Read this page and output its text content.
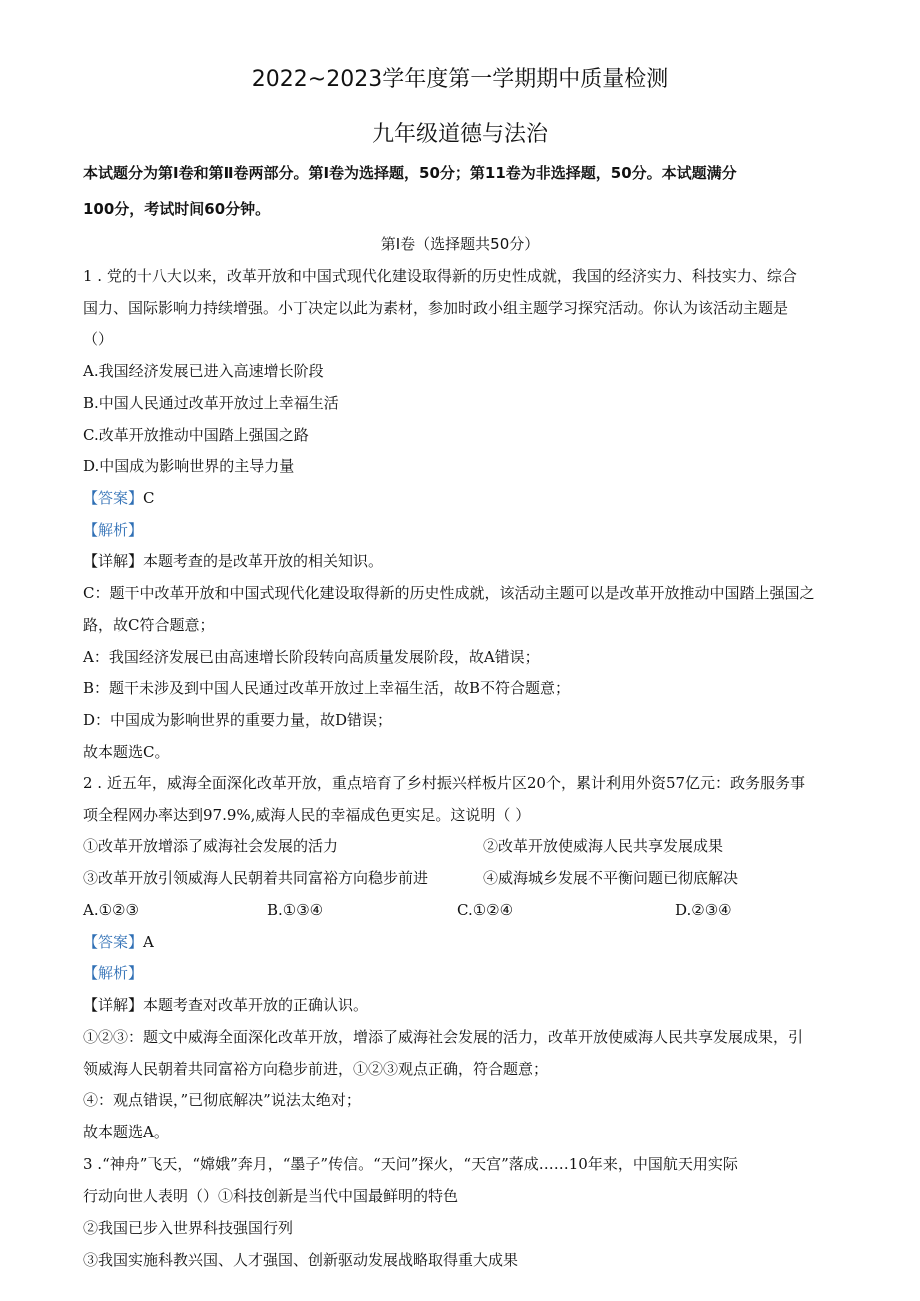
2022~2023学年度第一学期期中质量检测
九年级道德与法治
本试题分为第Ⅰ卷和第Ⅱ卷两部分。第Ⅰ卷为选择题，50分；第11卷为非选择题，50分。本试题满分
100分，考试时间60分钟。
第Ⅰ卷（选择题共50分）
1 . 党的十八大以来，改革开放和中国式现代化建设取得新的历史性成就，我国的经济实力、科技实力、综合
国力、国际影响力持续增强。小丁决定以此为素材，参加时政小组主题学习探究活动。你认为该活动主题是
（）
A.我国经济发展已进入高速增长阶段
B.中国人民通过改革开放过上幸福生活
C.改革开放推动中国踏上强国之路
D.中国成为影响世界的主导力量
【答案】C
【解析】
【详解】本题考查的是改革开放的相关知识。
C：题干中改革开放和中国式现代化建设取得新的历史性成就，该活动主题可以是改革开放推动中国踏上强国之
路，故C符合题意；
A：我国经济发展已由高速增长阶段转向高质量发展阶段，故A错误；
B：题干未涉及到中国人民通过改革开放过上幸福生活，故B不符合题意；
D：中国成为影响世界的重要力量，故D错误；
故本题选C。
2 . 近五年，威海全面深化改革开放，重点培育了乡村振兴样板片区20个，累计利用外资57亿元：政务服务事
项全程网办率达到97.9%,威海人民的幸福成色更实足。这说明（ ）
①改革开放增添了威海社会发展的活力	②改革开放使威海人民共享发展成果
③改革开放引领威海人民朝着共同富裕方向稳步前进	④威海城乡发展不平衡问题已彻底解决
A.①②③	B.①③④	C.①②④	D.②③④
【答案】A
【解析】
【详解】本题考查对改革开放的正确认识。
①②③：题文中威海全面深化改革开放，增添了威海社会发展的活力，改革开放使威海人民共享发展成果，引
领威海人民朝着共同富裕方向稳步前进，①②③观点正确，符合题意；
④：观点错误，”已彻底解决”说法太绝对；
故本题选A。
3 .“神舟”飞天，“嫦娥”奔月，“墨子”传信。“天问”探火，“天宫”落成……10年来，中国航天用实际
行动向世人表明（）①科技创新是当代中国最鲜明的特色
②我国已步入世界科技强国行列
③我国实施科教兴国、人才强国、创新驱动发展战略取得重大成果
